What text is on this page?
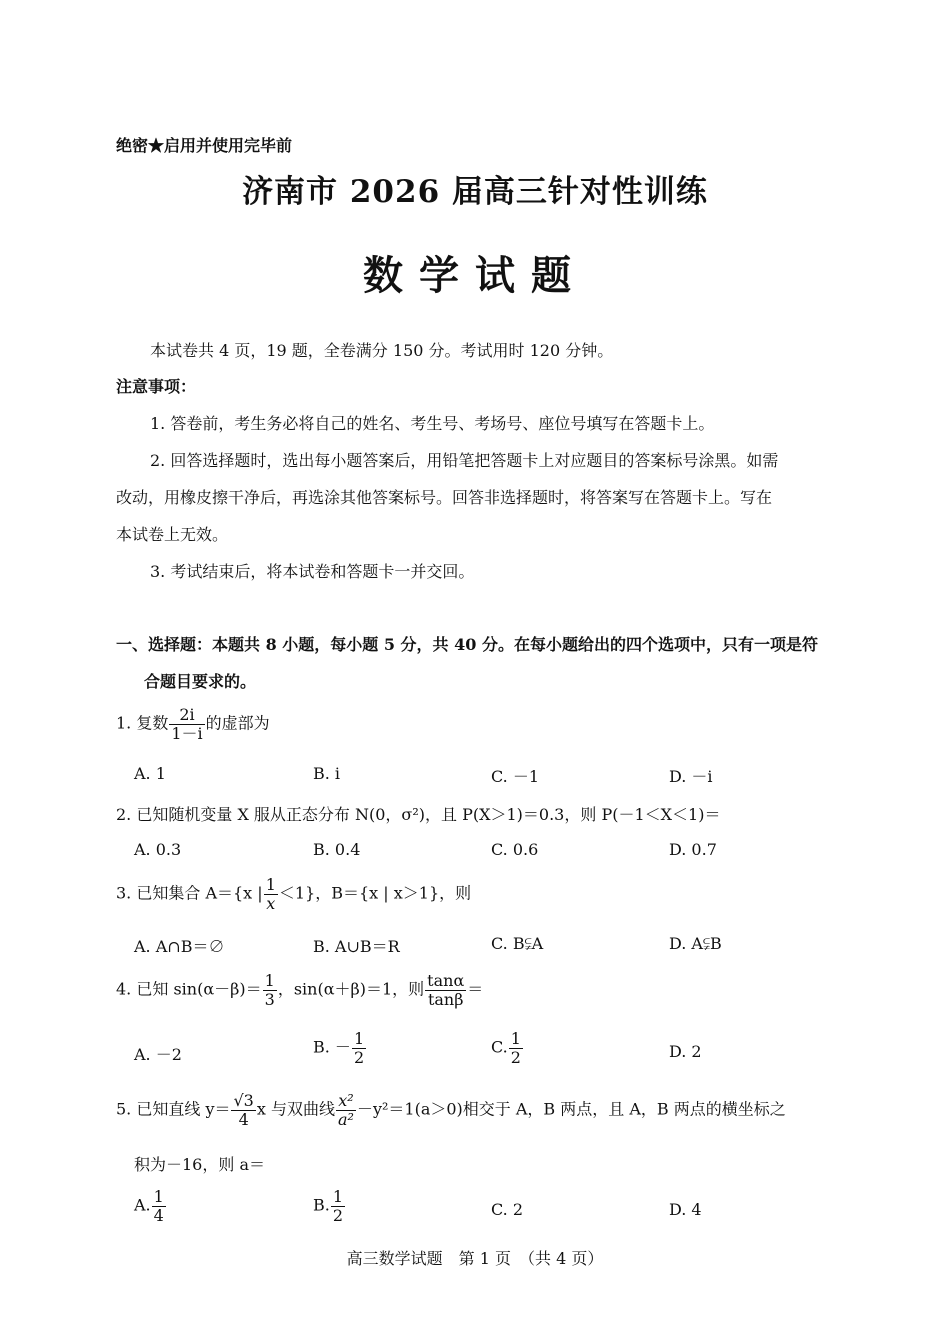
绝密★启用并使用完毕前
济南市 2026 届高三针对性训练
数学试题
本试卷共 4 页，19 题，全卷满分 150 分。考试用时 120 分钟。
注意事项：
1. 答卷前，考生务必将自己的姓名、考生号、考场号、座位号填写在答题卡上。
2. 回答选择题时，选出每小题答案后，用铅笔把答题卡上对应题目的答案标号涂黑。如需
改动，用橡皮擦干净后，再选涂其他答案标号。回答非选择题时，将答案写在答题卡上。写在
本试卷上无效。
3. 考试结束后，将本试卷和答题卡一并交回。
一、选择题：本题共 8 小题，每小题 5 分，共 40 分。在每小题给出的四个选项中，只有一项是符
合题目要求的。
1. 复数 $\frac{2i}{1-i}$ 的虚部为
A. 1	B. i	C. －1	D. －i
2. 已知随机变量 X 服从正态分布 N(0，σ²)，且 P(X＞1)＝0.3，则 P(－1＜X＜1)＝
A. 0.3	B. 0.4	C. 0.6	D. 0.7
3. 已知集合 A＝{x | $\frac{1}{x} <1$}，B＝{x | x＞1}，则
A. A∩B＝∅	B. A∪B＝R	C. B⫋A	D. A⫋B
4. 已知 $\sin(\alpha-\beta)= \frac{1}{3}$ ，sin(α＋β)＝1，则 $\frac{\tan\alpha}{\tan\beta}$ ＝
A. －2	B. － $\frac{1}{2}$	C. $\frac{1}{2}$	D. 2
5. 已知直线 $y= \frac{√3}{4}$ x 与双曲线 $\frac{\text{x²}}{\text{a²}} -y^2=1(a>0)$相交于 A，B 两点，且 A，B 两点的横坐标之
积为－16，则 a＝
A. $\frac{1}{4}$	B. $\frac{1}{2}$	C. 2	D. 4
高三数学试题　第 1 页　（共 4 页）
